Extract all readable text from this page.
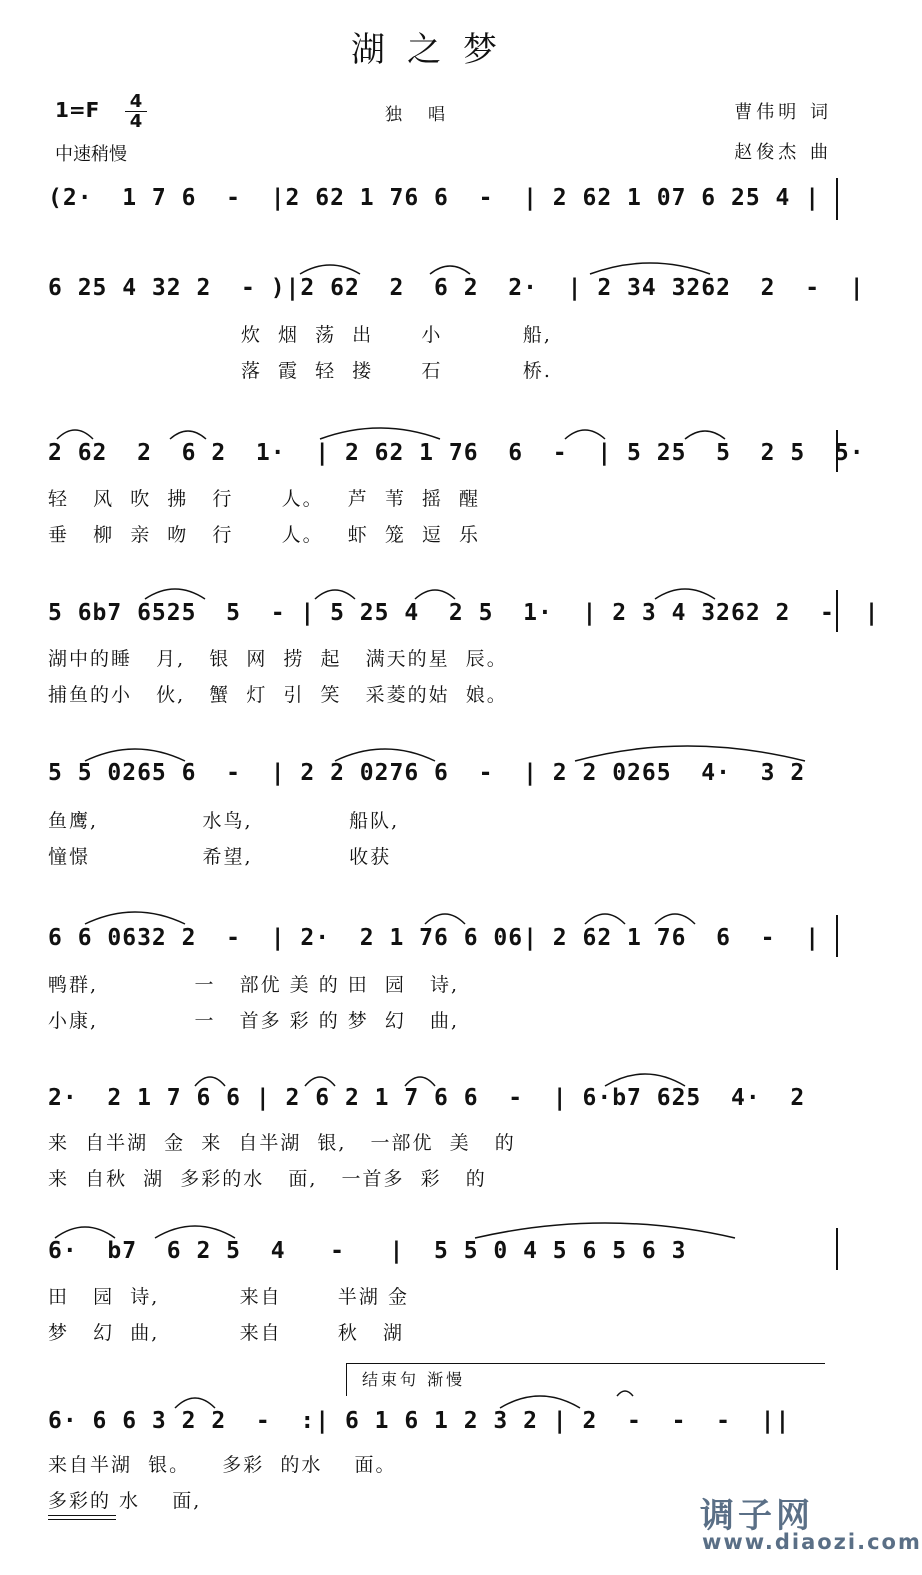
湖之梦
1=F 4
4
中速稍慢
独唱	曹伟明 词
赵俊杰 曲
(2·  1 7 6  -  |2 62 1 76 6  -  | 2 62 1 07 6 25 4 |
6 25 4 32 2  - )|2 62  2  6 2  2·  | 2 34 3262  2  -  |
炊  烟  荡  出      小          船,
落  霞  轻  搂      石          桥.
2 62  2  6 2  1·  | 2 62 1 76  6  -  | 5 25  5  2 5  5·
轻   风  吹  拂   行      人。   芦  苇  摇  醒
垂   柳  亲  吻   行      人。   虾  笼  逗  乐
5 6b7 6525  5  - | 5 25 4  2 5  1·  | 2 3 4 3262 2  -  |
湖中的睡   月,   银  网  捞  起   满天的星  辰。
捕鱼的小   伙,   蟹  灯  引  笑   采菱的姑  娘。
5 5 0265 6  -  | 2 2 0276 6  -  | 2 2 0265  4·  3 2
鱼鹰,             水鸟,            船队,
憧憬              希望,            收获
6 6 0632 2  -  | 2·  2 1 76 6 06| 2 62 1 76  6  -  |
鸭群,            一   部优 美 的 田  园   诗,
小康,            一   首多 彩 的 梦  幻   曲,
2·  2 1 7 6 6 | 2 6 2 1 7 6 6  -  | 6·b7 625  4·  2
来  自半湖  金  来  自半湖  银,   一部优  美   的
来  自秋  湖  多彩的水   面,   一首多  彩   的
6·  b7  6 2 5  4   -   |  5 5 0 4 5 6 5 6 3
田   园  诗,          来自       半湖 金
梦   幻  曲,          来自       秋   湖
结束句 渐慢
6· 6 6 3 2 2  -  :| 6 1 6 1 2 3 2 | 2  -  -  -  ||
来自半湖  银。    多彩  的水    面。
多彩的 水    面,	调子网
www.diaozi.com
